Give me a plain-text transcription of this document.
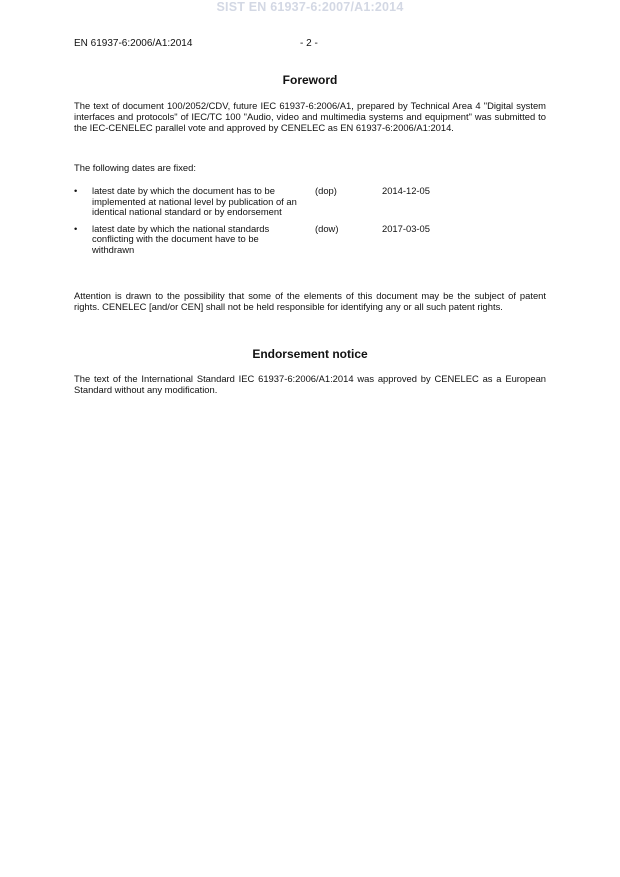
SIST EN 61937-6:2007/A1:2014
EN 61937-6:2006/A1:2014	- 2 -
Foreword

The text of document 100/2052/CDV, future IEC 61937-6:2006/A1, prepared by Technical Area 4 "Digital system interfaces and protocols" of IEC/TC 100 "Audio, video and multimedia systems and equipment" was submitted to the IEC-CENELEC parallel vote and approved by CENELEC as EN 61937-6:2006/A1:2014.

The following dates are fixed:

• latest date by which the document has to be implemented at national level by publication of an identical national standard or by endorsement
(dop)	2014-12-05
• latest date by which the national standards conflicting with the document have to be withdrawn
(dow)	2017-03-05

Attention is drawn to the possibility that some of the elements of this document may be the subject of patent rights. CENELEC [and/or CEN] shall not be held responsible for identifying any or all such patent rights.

Endorsement notice

The text of the International Standard IEC 61937-6:2006/A1:2014 was approved by CENELEC as a European Standard without any modification.
